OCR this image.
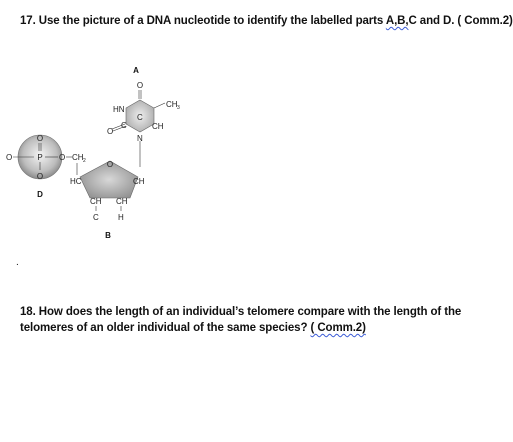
17. Use the picture of a DNA nucleotide to identify the labelled parts A,B,C and D. ( Comm.2)
A
O
HN
CH 3
O
C	CH
N
C
O
O	P O CH 2
O
D
O
HC	CH
CH CH
C H
B
.
18. How does the length of an individual’s telomere compare with the length of the
telomeres of an older individual of the same species? ( Comm.2)
